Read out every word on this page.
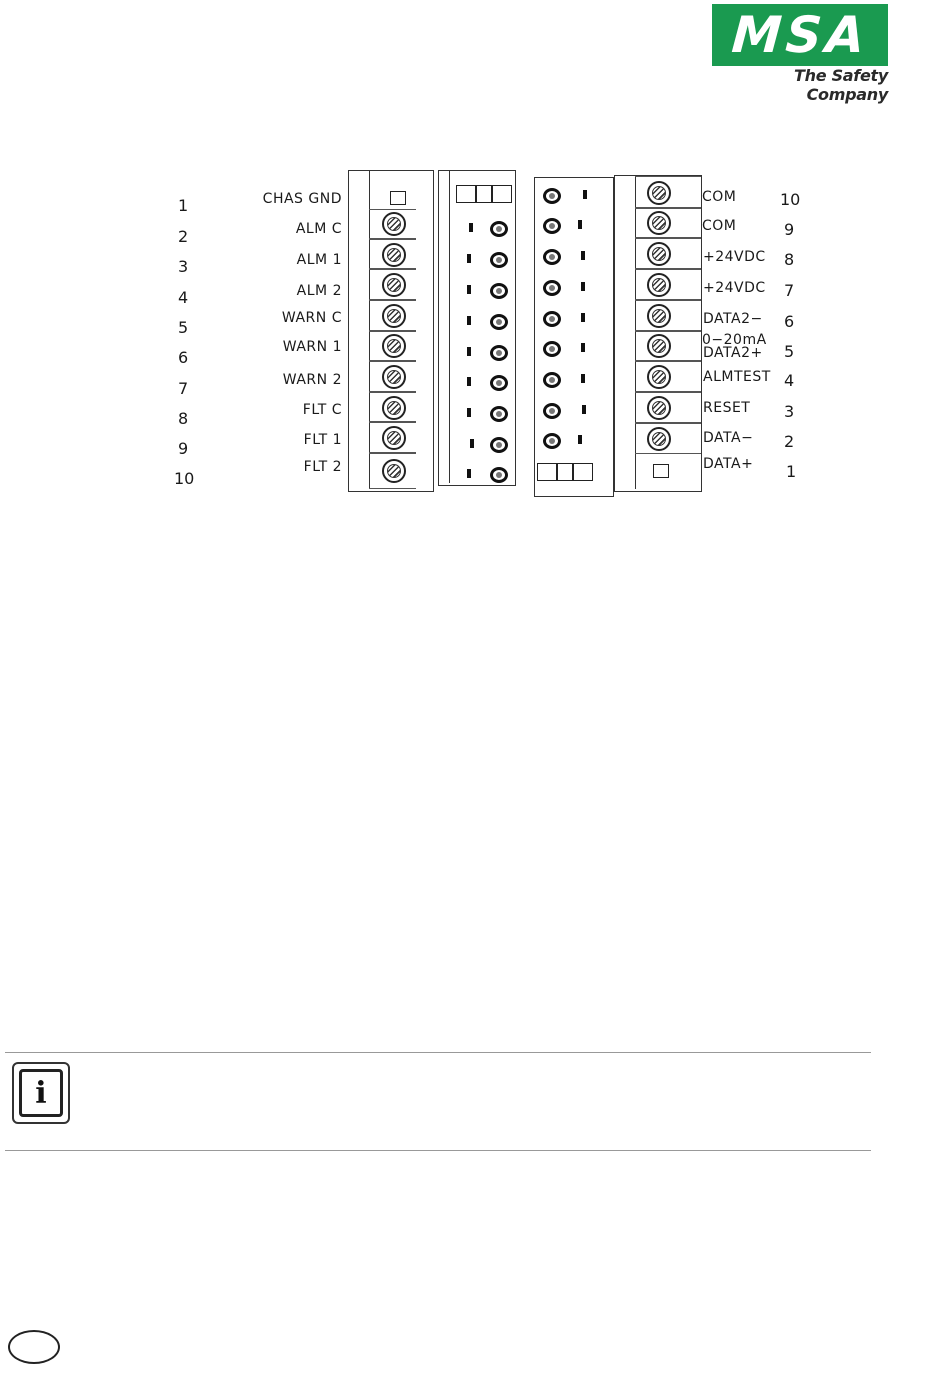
MSA
The Safety Company
1
2
3
4
5
6
7
8
9
10
CHAS GND
ALM C
ALM 1
ALM 2
WARN C
WARN 1
WARN 2
FLT C
FLT 1
FLT 2
COM
COM
+24VDC
+24VDC
DATA2−
0−20mA
DATA2+
ALMTEST
RESET
DATA−
DATA+
10
9
8
7
6
5
4
3
2
1
i
